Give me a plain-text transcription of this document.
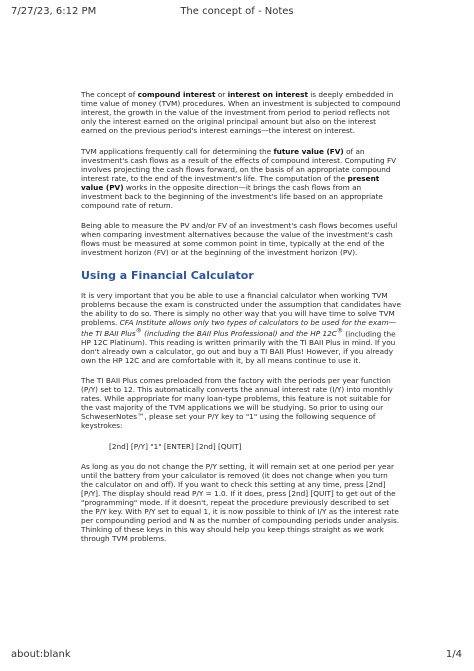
7/27/23, 6:12 PM	The concept of - Notes

The concept of compound interest or interest on interest is deeply embedded in time value of money (TVM) procedures. When an investment is subjected to compound interest, the growth in the value of the investment from period to period reflects not only the interest earned on the original principal amount but also on the interest earned on the previous period's interest earnings—the interest on interest.

TVM applications frequently call for determining the future value (FV) of an investment's cash flows as a result of the effects of compound interest. Computing FV involves projecting the cash flows forward, on the basis of an appropriate compound interest rate, to the end of the investment's life. The computation of the present value (PV) works in the opposite direction—it brings the cash flows from an investment back to the beginning of the investment's life based on an appropriate compound rate of return.

Being able to measure the PV and/or FV of an investment's cash flows becomes useful when comparing investment alternatives because the value of the investment's cash flows must be measured at some common point in time, typically at the end of the investment horizon (FV) or at the beginning of the investment horizon (PV).

Using a Financial Calculator

It is very important that you be able to use a financial calculator when working TVM problems because the exam is constructed under the assumption that candidates have the ability to do so. There is simply no other way that you will have time to solve TVM problems. CFA Institute allows only two types of calculators to be used for the exam—the TI BAII Plus® (including the BAII Plus Professional) and the HP 12C® (including the HP 12C Platinum). This reading is written primarily with the TI BAII Plus in mind. If you don't already own a calculator, go out and buy a TI BAII Plus! However, if you already own the HP 12C and are comfortable with it, by all means continue to use it.

The TI BAII Plus comes preloaded from the factory with the periods per year function (P/Y) set to 12. This automatically converts the annual interest rate (I/Y) into monthly rates. While appropriate for many loan-type problems, this feature is not suitable for the vast majority of the TVM applications we will be studying. So prior to using our SchweserNotes™, please set your P/Y key to "1" using the following sequence of keystrokes:

[2nd] [P/Y] "1" [ENTER] [2nd] [QUIT]

As long as you do not change the P/Y setting, it will remain set at one period per year until the battery from your calculator is removed (it does not change when you turn the calculator on and off). If you want to check this setting at any time, press [2nd] [P/Y]. The display should read P/Y = 1.0. If it does, press [2nd] [QUIT] to get out of the "programming" mode. If it doesn't, repeat the procedure previously described to set the P/Y key. With P/Y set to equal 1, it is now possible to think of I/Y as the interest rate per compounding period and N as the number of compounding periods under analysis. Thinking of these keys in this way should help you keep things straight as we work through TVM problems.

about:blank	1/4
